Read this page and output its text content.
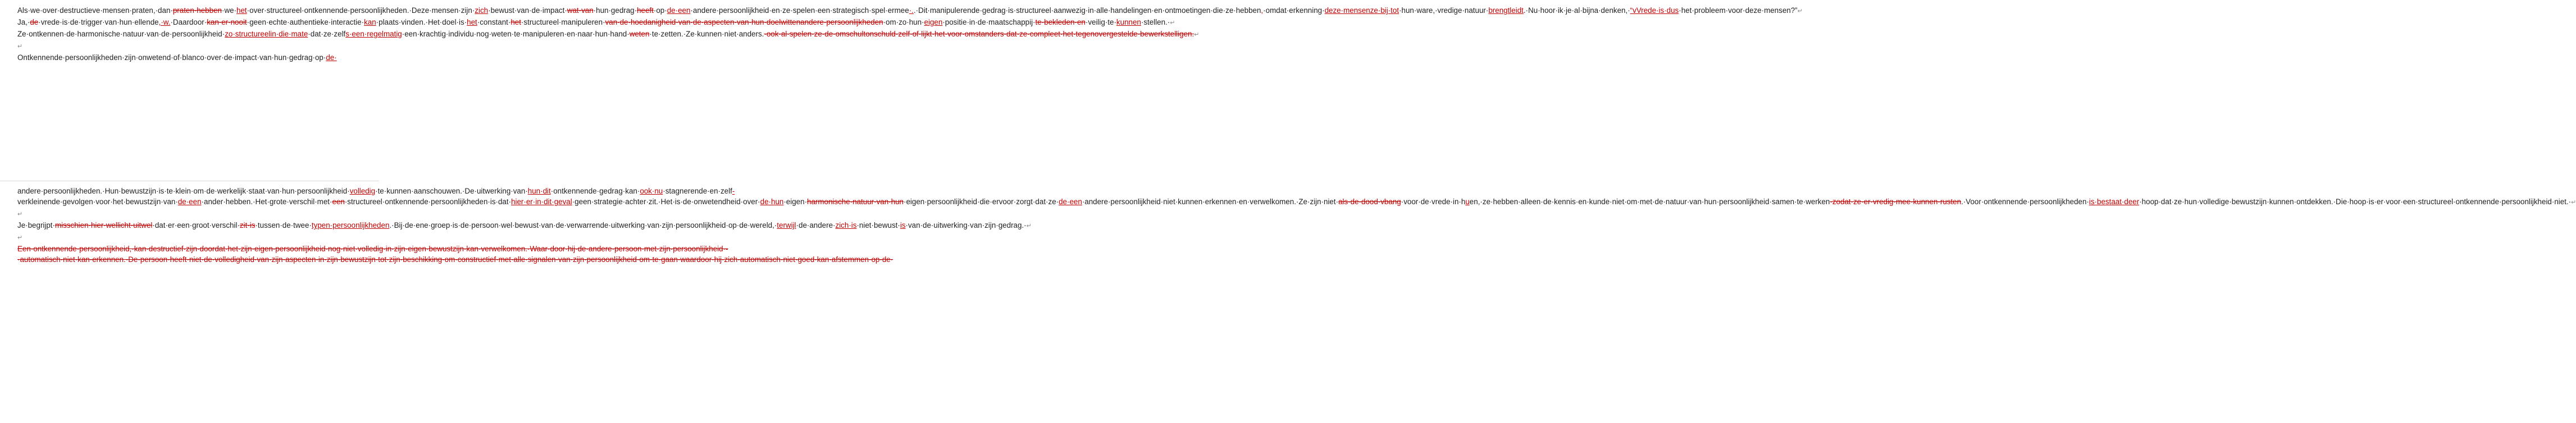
Als·we·over·destructieve·mensen·praten,·dan·praten·hebben·we·het·over·structureel·ontkennende·persoonlijkheden.·Deze·mensen·zijn·zich·bewust·van·de·impact·wat·van·hun·gedrag·heeft·op·de·een·andere·persoonlijkheid·en·ze·spelen·een·strategisch·spel·ermee·..·Dit·manipulerende·gedrag·is·structureel·aanwezig·in·alle·handelingen·en·ontmoetingen·die·ze·hebben,·omdat·erkenning·deze·mensenze·bij·tot·hun·ware,·vredige·natuur·brengtleidt.·Nu·hoor·ik·je·al·bijna·denken,·“vVrede·is·dus·het·probleem·voor·deze·mensen?”↵

Ja,·de·vrede·is·de·trigger·van·hun·ellende,·w.·Daardoor·kan·er·nooit·geen·echte·authentieke·interactie·kan·plaats·vinden.·Het·doel·is·het·constant·het·structureel·manipuleren·van·de·hoedanigheid·van·de·aspecten·van·hun·doelwittenandere·persoonlijkheden·om·zo·hun·eigen·positie·in·de·maatschappij·te·bekleden·en·veilig·te·kunnen·stellen.·↵

Ze·ontkennen·de·harmonische·natuur·van·de·persoonlijkheid·zo·structureelin·die·mate·dat·ze·zelfs·een·regelmatig·een·krachtig·individu·nog·weten·te·manipuleren·en·naar·hun·hand·weten·te·zetten.·Ze·kunnen·niet·anders.·ook·al·spelen·ze·de·omschultonschuld·zelf·of·lijkt·het·voor·omstanders·dat·ze·compleet·het·tegenovergestelde·bewerkstelligen.↵

↵

Ontkennende·persoonlijkheden·zijn·onwetend·of·blanco·over·de·impact·van·hun·gedrag·op·de·

andere·persoonlijkheden.·Hun·bewustzijn·is·te·klein·om·de·werkelijk·staat·van·hun·persoonlijkheid·volledig·te·kunnen·aanschouwen.·De·uitwerking·van·hun·dit·ontkennende·gedrag·kan·ook·nu·stagnerende·en·zelf-verkleinende·gevolgen·voor·het·bewustzijn·van·de·een·ander·hebben.·Het·grote·verschil·met·een·structureel·ontkennende·persoonlijkheden·is·dat·hier·er·in·dit·geval·geen·strategie·achter·zit.·Het·is·de·onwetendheid·over·de·hun·eigen·harmonische·natuur·van·hun·eigen·persoonlijkheid·die·ervoor·zorgt·dat·ze·de·een·andere·persoonlijkheid·niet·kunnen·erkennen·en·verwelkomen.·Ze·zijn·niet·als·de·dood·vbang·voor·de·vrede·in·huen,·ze·hebben·alleen·de·kennis·en·kunde·niet·om·met·de·natuur·van·hun·persoonlijkheid·samen·te·werken·zodat·ze·er·vredig·mee·kunnen·rusten.·Voor·ontkennende·persoonlijkheden·is·bestaat·deer·hoop·dat·ze·hun·volledige·bewustzijn·kunnen·ontdekken.·Die·hoop·is·er·voor·een·structureel·ontkennende·persoonlijkheid·niet.·↵

↵

Je·begrijpt·misschien·hier·wellicht·uitwel·dat·er·een·groot·verschil·zit·is·tussen·de·twee·typen·persoonlijkheden.·Bij·de·ene·groep·is·de·persoon·wel·bewust·van·de·verwarrende·uitwerking·van·zijn·persoonlijkheid·op·de·wereld,·terwijl·de·andere·zich·is·niet·bewust·is·van·de·uitwerking·van·zijn·gedrag.·↵

↵

Een·ontkennende·persoonlijkheid,·kan·destructief·zijn·doordat·het·zijn·eigen·persoonlijkheid·nog·niet·volledig·in·zijn·eigen·bewustzijn·kan·verwelkomen.·Waar·door·hij·de·andere·persoon·met·zijn·persoonlijkheid·-·automatisch·niet·kan·erkennen.·De·persoon·heeft·niet·de·volledigheid·van·zijn·aspecten·in·zijn·bewustzijn·tot·zijn·beschikking·om·constructief·met·alle·signalen·van·zijn·persoonlijkheid·om·te·gaan·waardoor·hij·zich·automatisch·niet·goed·kan·afstemmen·op·de·
